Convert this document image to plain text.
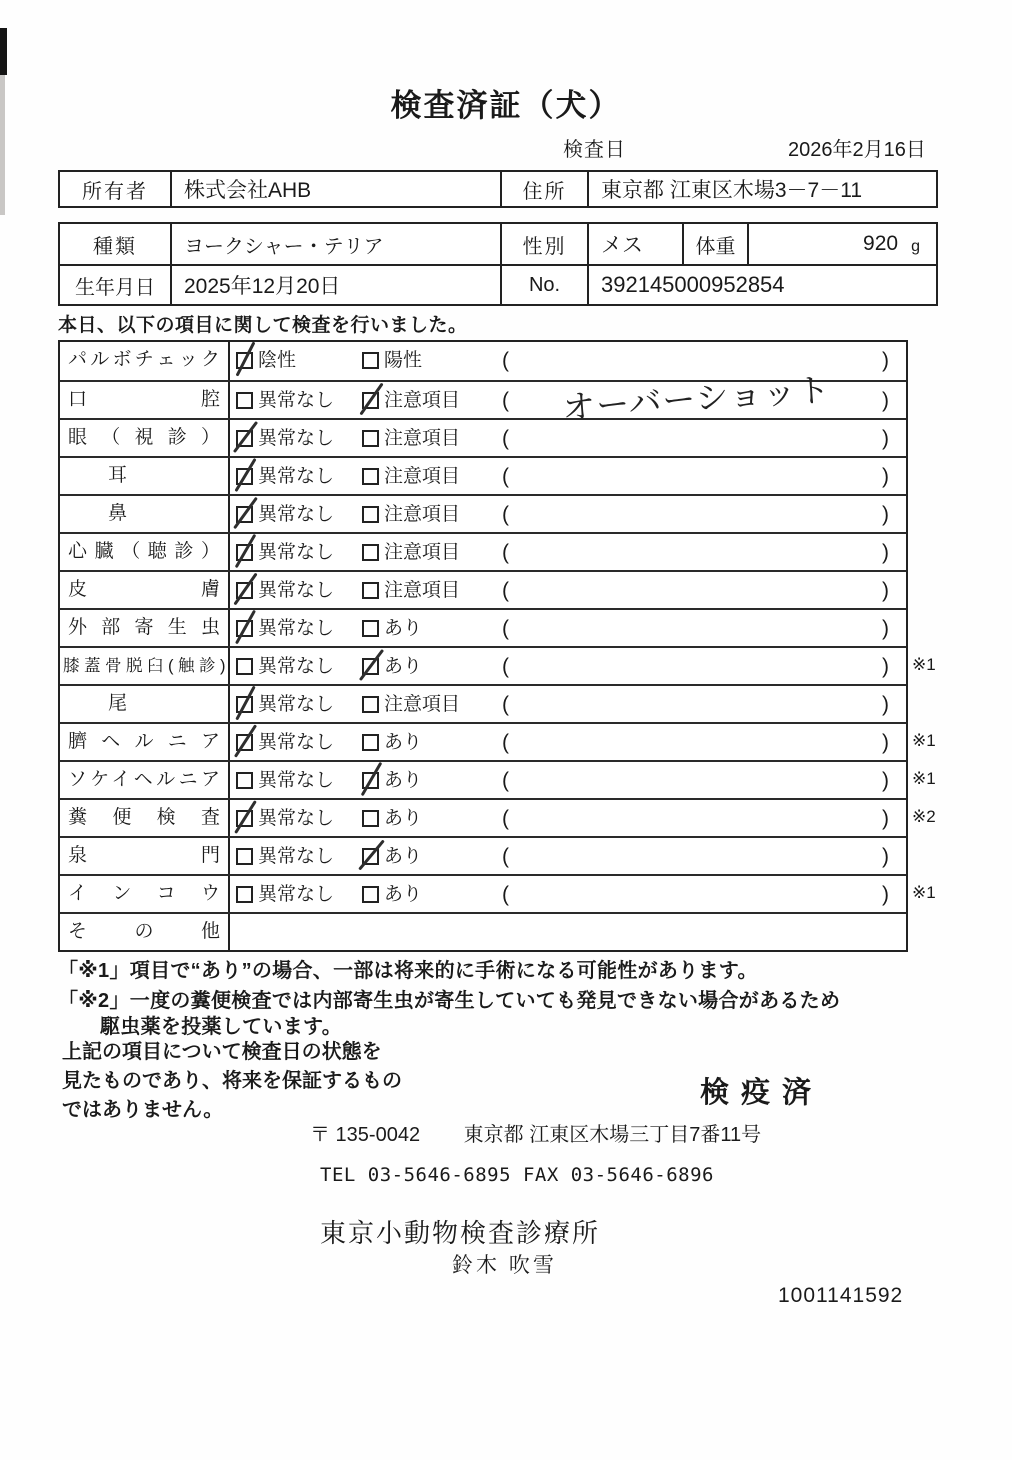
検査済証（犬）
検査日	2026年2月16日
所有者	株式会社AHB	住所	東京都 江東区木場3－7－11
種類	ヨークシャー・テリア	性別	メス	体重	920 g
生年月日	2025年12月20日	No.	392145000952854
本日、以下の項目に関して検査を行いました。
パルボチェック	陰性	陽性	(	)
口腔	異常なし	注意項目 ( オーバーショット )
眼（視診）	異常なし	注意項目 (	)
耳	異常なし	注意項目 (	)
鼻	異常なし	注意項目 (	)
心臓（聴診）	異常なし	注意項目 (	)
皮膚	異常なし	注意項目 (	)
外部寄生虫	異常なし	あり	(	)
膝蓋骨脱臼(触診) 異常なし	あり	(	) ※1
尾	異常なし	注意項目 (	)
臍ヘルニア	異常なし	あり	(	) ※1
ソケイヘルニア	異常なし	あり	(	) ※1
糞便検査	異常なし	あり	(	) ※2
泉門	異常なし	あり	(	)
インコウ	異常なし	あり	(	) ※1
その他
「※1」項目で“あり”の場合、一部は将来的に手術になる可能性があります。
「※2」一度の糞便検査では内部寄生虫が寄生していても発見できない場合があるため
駆虫薬を投薬しています。
上記の項目について検査日の状態を
見たものであり、将来を保証するもの
ではありません。
検疫済
〒 135-0042 東京都 江東区木場三丁目7番11号
TEL 03-5646-6895 FAX 03-5646-6896
東京小動物検査診療所
鈴木 吹雪
1001141592
